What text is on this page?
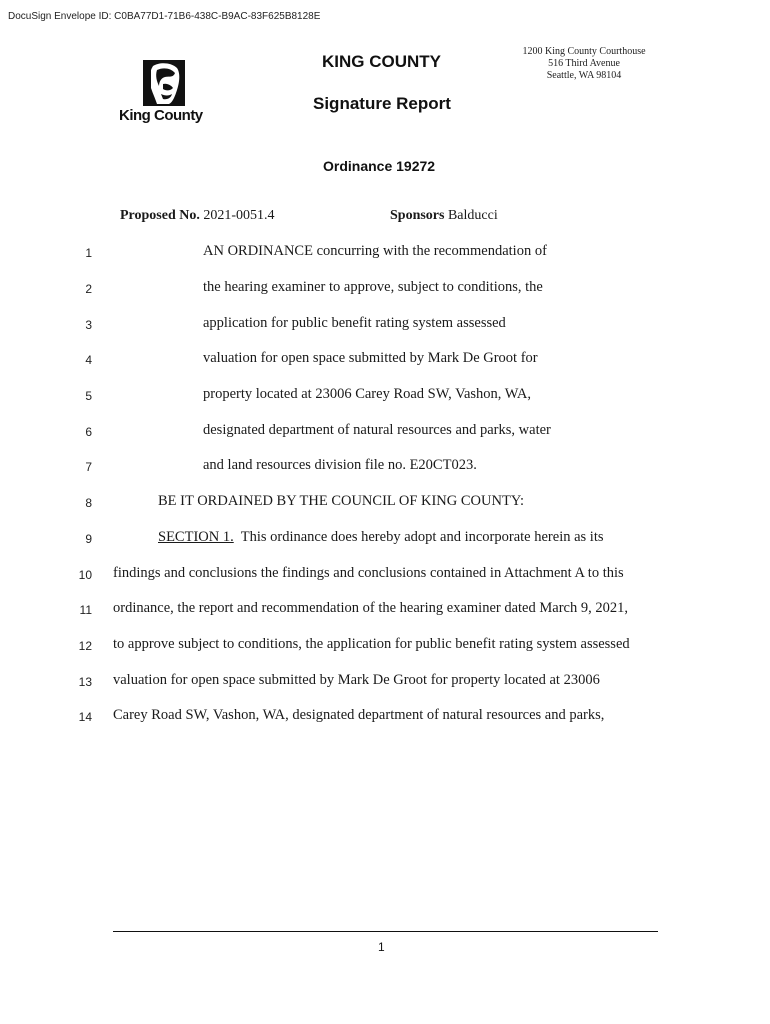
DocuSign Envelope ID: C0BA77D1-71B6-438C-B9AC-83F625B8128E
King County
KING COUNTY
Signature Report
1200 King County Courthouse
516 Third Avenue
Seattle, WA 98104
Ordinance 19272
Proposed No. 2021-0051.4	Sponsors Balducci
1
2
3
4
5
6
7
8
9
10
11
12
13
14
AN ORDINANCE concurring with the recommendation of
the hearing examiner to approve, subject to conditions, the
application for public benefit rating system assessed
valuation for open space submitted by Mark De Groot for
property located at 23006 Carey Road SW, Vashon, WA,
designated department of natural resources and parks, water
and land resources division file no. E20CT023.
BE IT ORDAINED BY THE COUNCIL OF KING COUNTY:
SECTION 1.  This ordinance does hereby adopt and incorporate herein as its
findings and conclusions the findings and conclusions contained in Attachment A to this
ordinance, the report and recommendation of the hearing examiner dated March 9, 2021,
to approve subject to conditions, the application for public benefit rating system assessed
valuation for open space submitted by Mark De Groot for property located at 23006
Carey Road SW, Vashon, WA, designated department of natural resources and parks,
1
